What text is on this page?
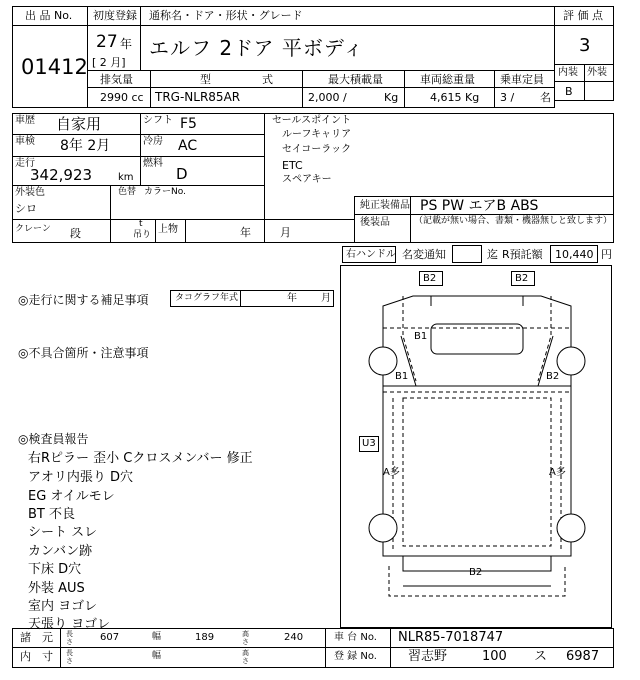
出 品 No.
01412
初度登録
27 年
[ 2 月]
通称名・ドア・形状・グレード
エルフ 2ドア 平ボディ
評 価 点
3
内装 外装
B
排気量	型　式	最大積載量	車両総重量 乗車定員
2990 cc TRG-NLR85AR	2,000 /	Kg	4,615 Kg 3 / 名
車歴 自家用	シフト F5
車検 8年 2月	冷房 AC
走行
342,923	km
燃料
D
外装色
シロ
色替 カラーNo.
セールスポイント
ルーフキャリア
セイコーラック
ETC
スペアキー
純正装備品 PS PW エアB ABS
後装品	（記載が無い場合、書類・機器無しと致します）
クレーン 段
t
吊り 上物	年	月
右ハンドル 名変通知	迄 R預託額 10,440 円
◎走行に関する補足事項	タコグラフ年式	年 月
◎不具合箇所・注意事項
◎検査員報告
右Rピラー 歪小 Cクロスメンバー 修正
アオリ内張り D穴
EG オイルモレ
BT 不良
シート スレ
カンバン跡
下床 D穴
外装 AUS
室内 ヨゴレ
天張り ヨゴレ
B2	B2
B1
B1	B2
U3
A多	A多
B2
諸　元 長さ	607	幅	189	高さ	240
内　寸 長さ	幅	高さ
車 台 No. NLR85-7018747
登 録 No. 習志野	100 ス 6987
